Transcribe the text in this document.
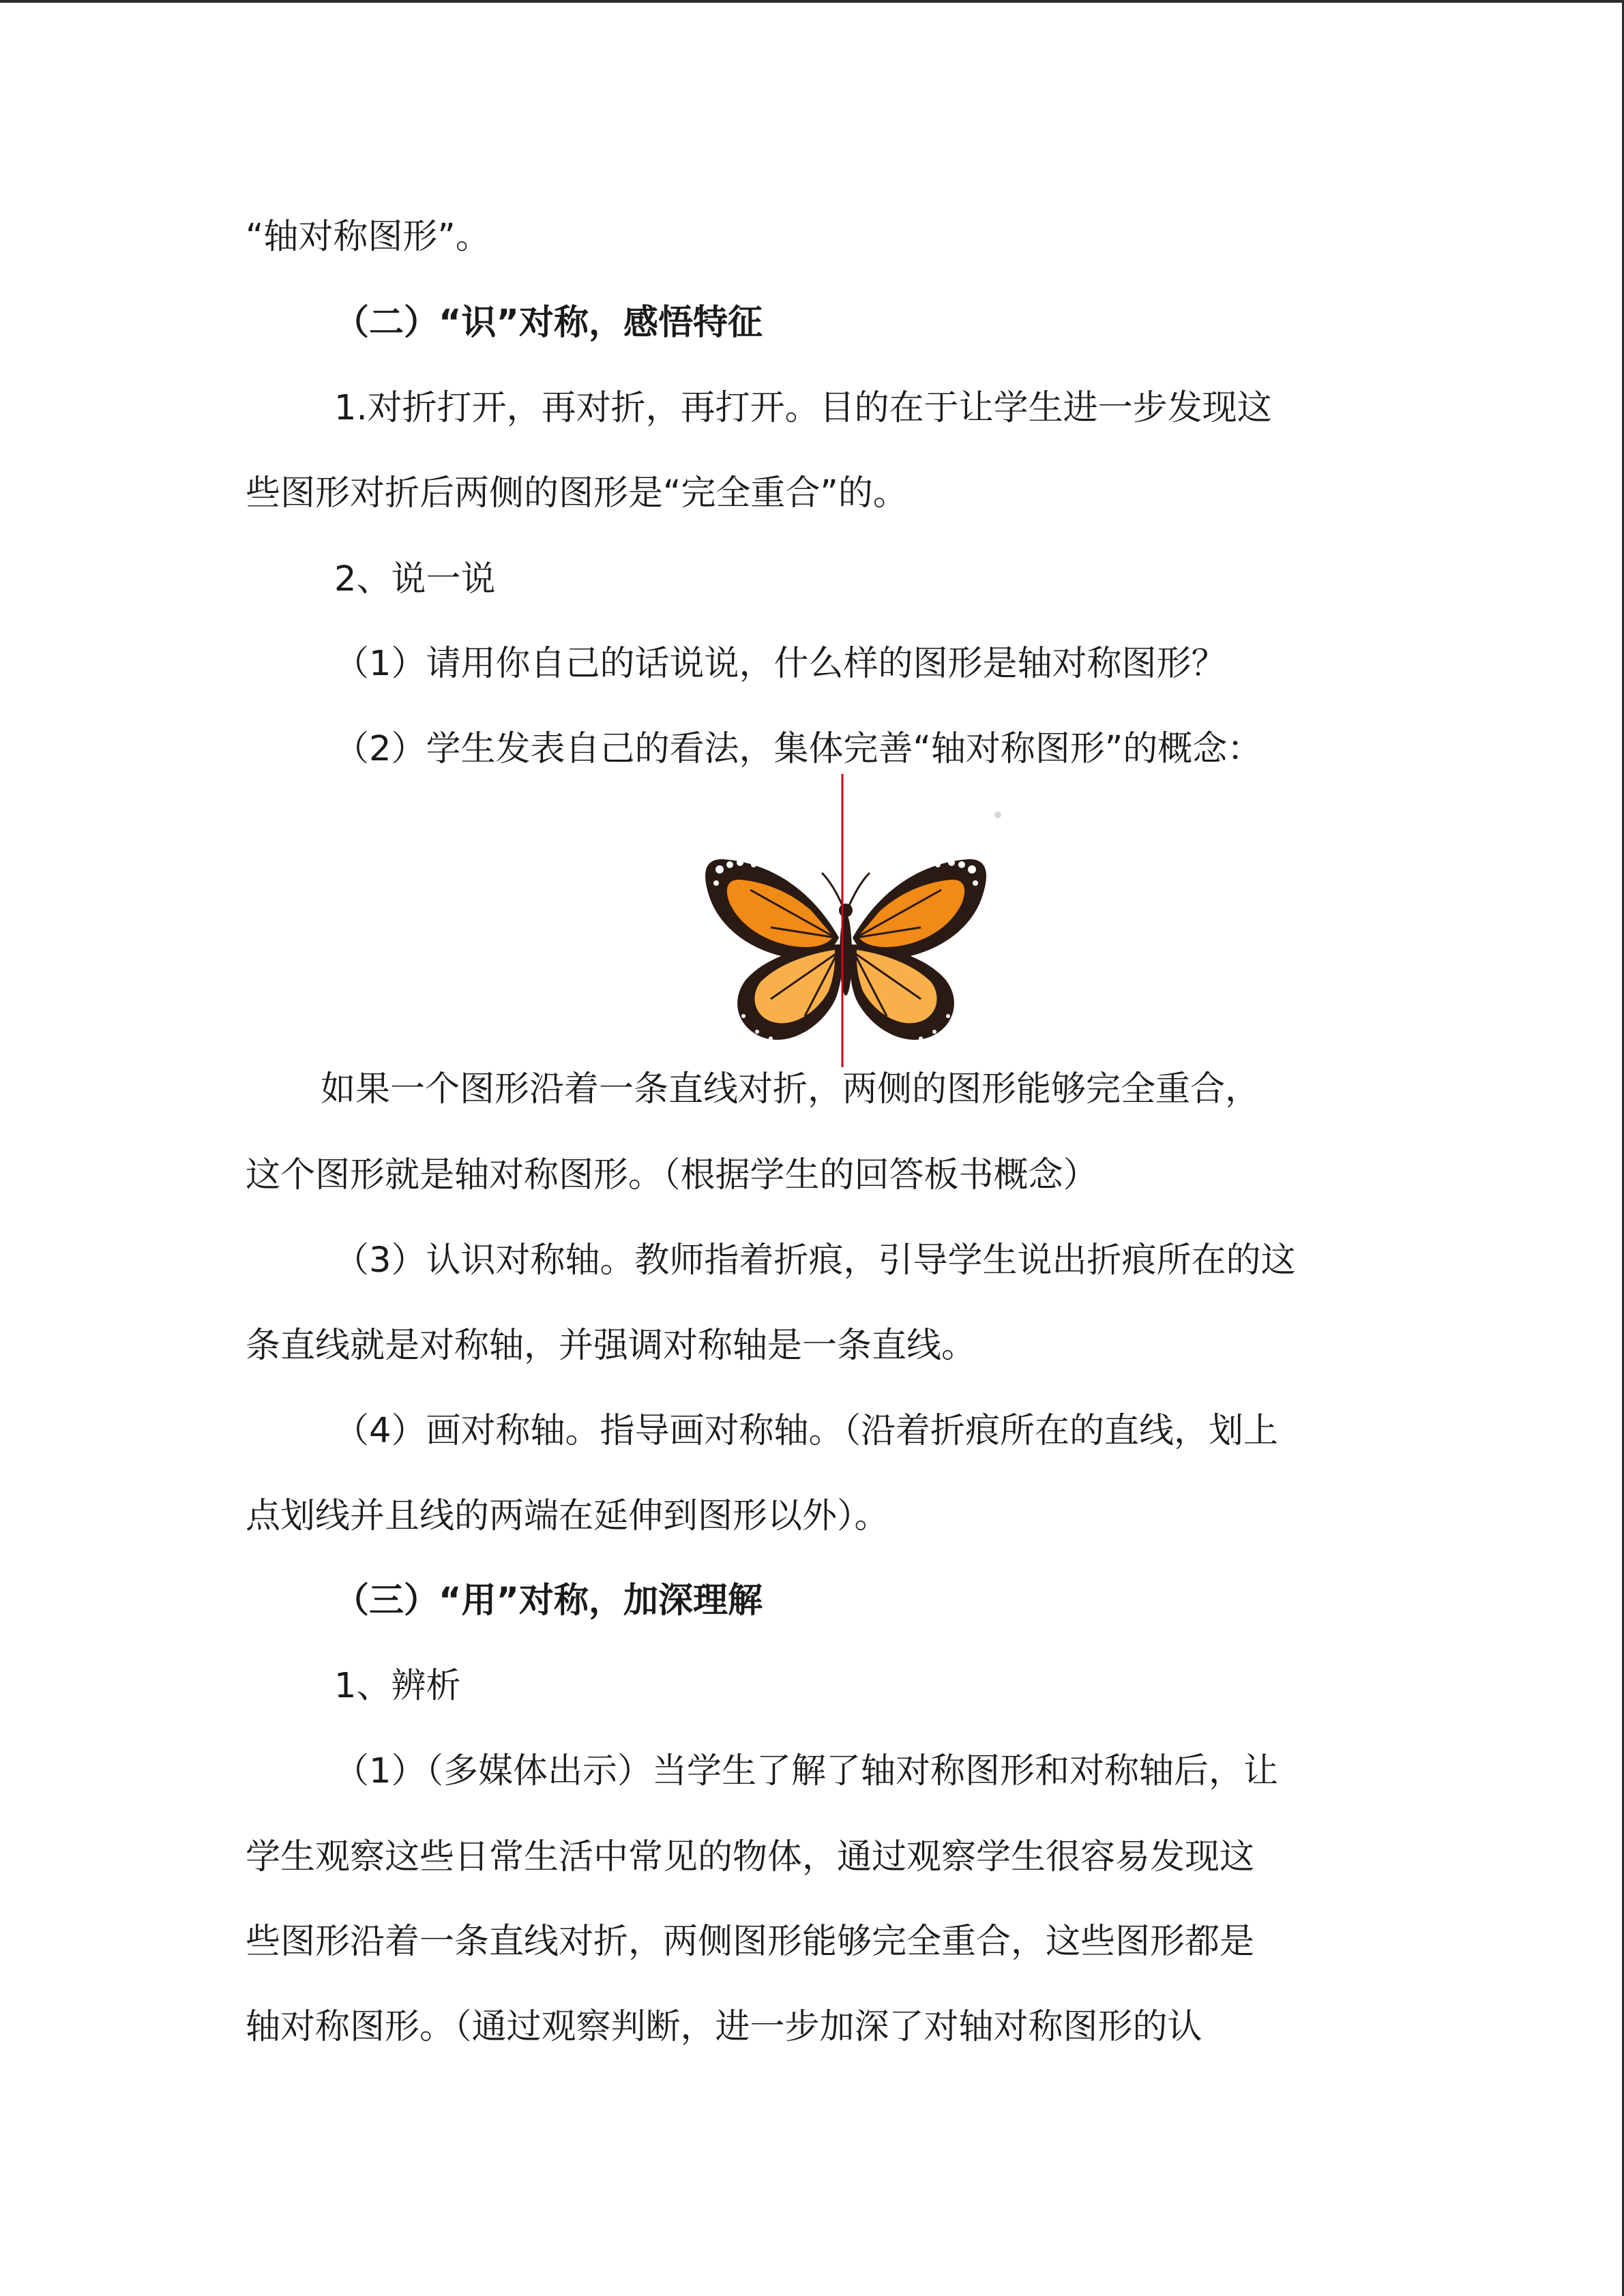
“轴对称图形”。
（二）“识”对称，感悟特征
1.对折打开，再对折，再打开。目的在于让学生进一步发现这
些图形对折后两侧的图形是“完全重合”的。
2、说一说
（1）请用你自己的话说说，什么样的图形是轴对称图形？
（2）学生发表自己的看法，集体完善“轴对称图形”的概念：
如果一个图形沿着一条直线对折，两侧的图形能够完全重合，
这个图形就是轴对称图形。（根据学生的回答板书概念）
（3）认识对称轴。教师指着折痕，引导学生说出折痕所在的这
条直线就是对称轴，并强调对称轴是一条直线。
（4）画对称轴。指导画对称轴。（沿着折痕所在的直线，划上
点划线并且线的两端在延伸到图形以外）。
（三）“用”对称，加深理解
1、辨析
（1）（多媒体出示）当学生了解了轴对称图形和对称轴后，让
学生观察这些日常生活中常见的物体，通过观察学生很容易发现这
些图形沿着一条直线对折，两侧图形能够完全重合，这些图形都是
轴对称图形。（通过观察判断，进一步加深了对轴对称图形的认
